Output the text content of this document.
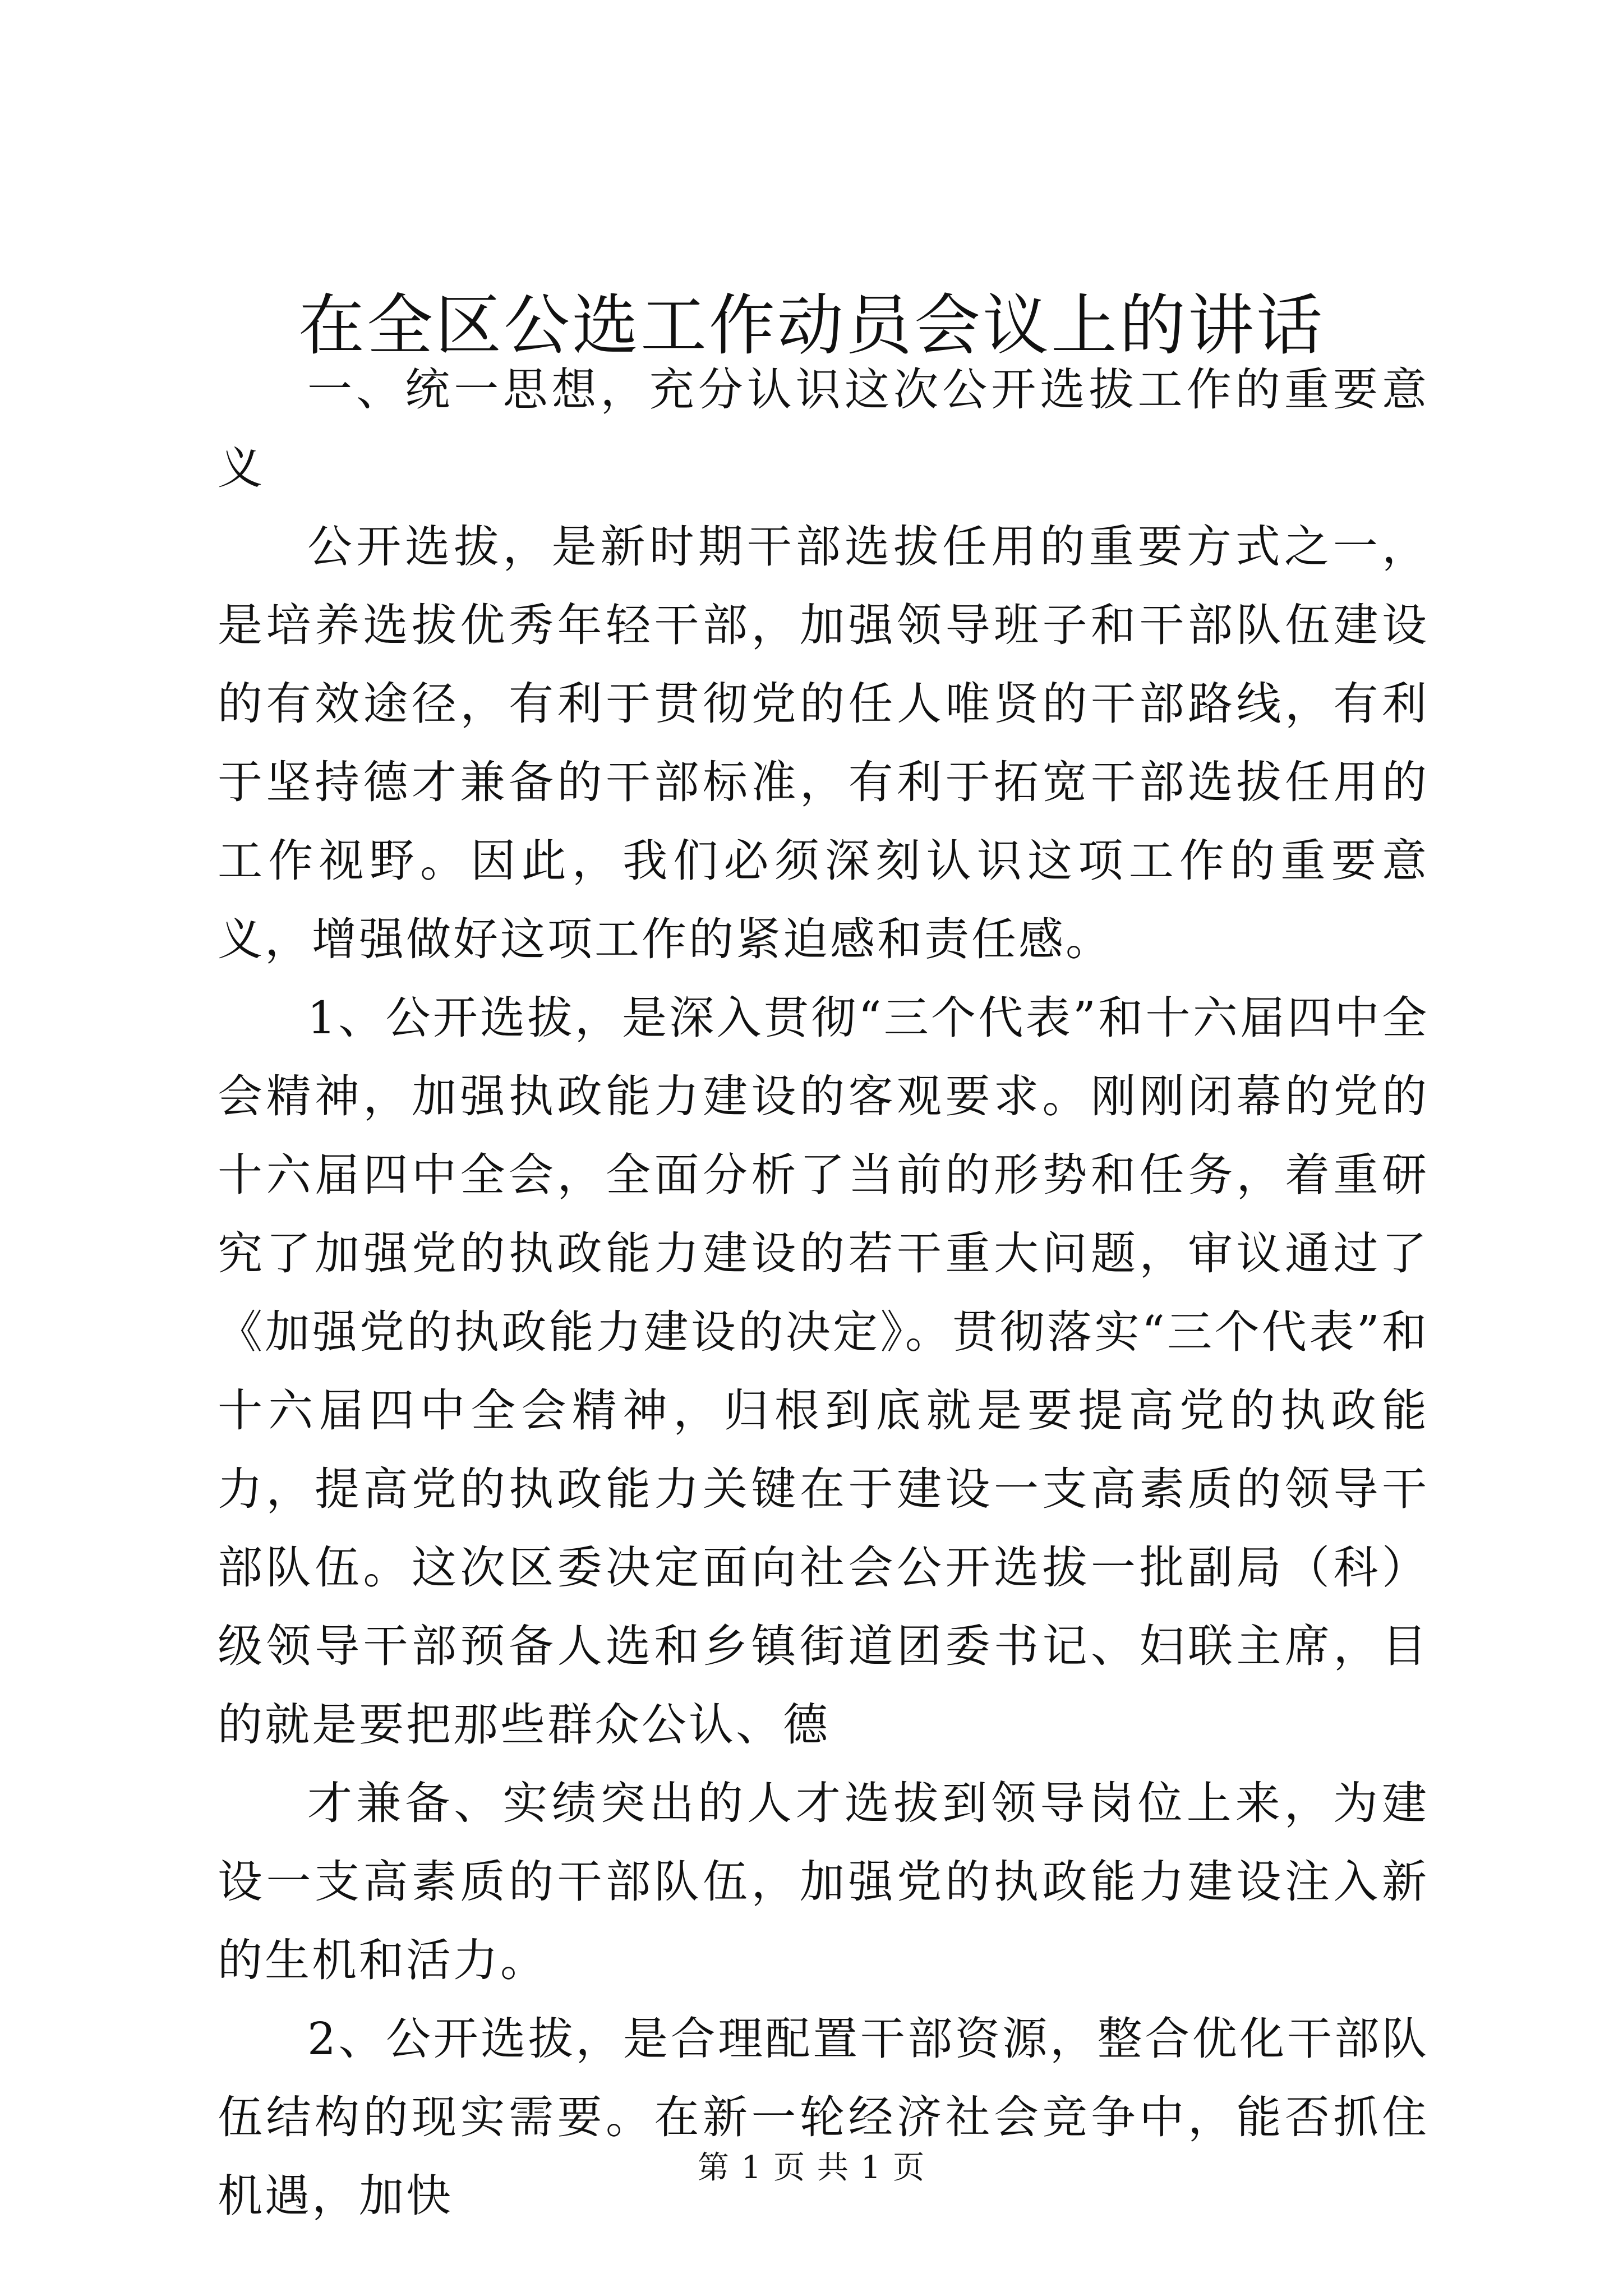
在全区公选工作动员会议上的讲话

一、统一思想，充分认识这次公开选拔工作的重要意义

公开选拔，是新时期干部选拔任用的重要方式之一，是培养选拔优秀年轻干部，加强领导班子和干部队伍建设的有效途径，有利于贯彻党的任人唯贤的干部路线，有利于坚持德才兼备的干部标准，有利于拓宽干部选拔任用的工作视野。因此，我们必须深刻认识这项工作的重要意义，增强做好这项工作的紧迫感和责任感。

1、公开选拔，是深入贯彻“三个代表”和十六届四中全会精神，加强执政能力建设的客观要求。刚刚闭幕的党的十六届四中全会，全面分析了当前的形势和任务，着重研究了加强党的执政能力建设的若干重大问题，审议通过了《加强党的执政能力建设的决定》。贯彻落实“三个代表”和十六届四中全会精神，归根到底就是要提高党的执政能力，提高党的执政能力关键在于建设一支高素质的领导干部队伍。这次区委决定面向社会公开选拔一批副局（科）级领导干部预备人选和乡镇街道团委书记、妇联主席，目的就是要把那些群众公认、德

才兼备、实绩突出的人才选拔到领导岗位上来，为建设一支高素质的干部队伍，加强党的执政能力建设注入新的生机和活力。

2、公开选拔，是合理配置干部资源，整合优化干部队伍结构的现实需要。在新一轮经济社会竞争中，能否抓住机遇，加快

第 1 页 共 1 页
